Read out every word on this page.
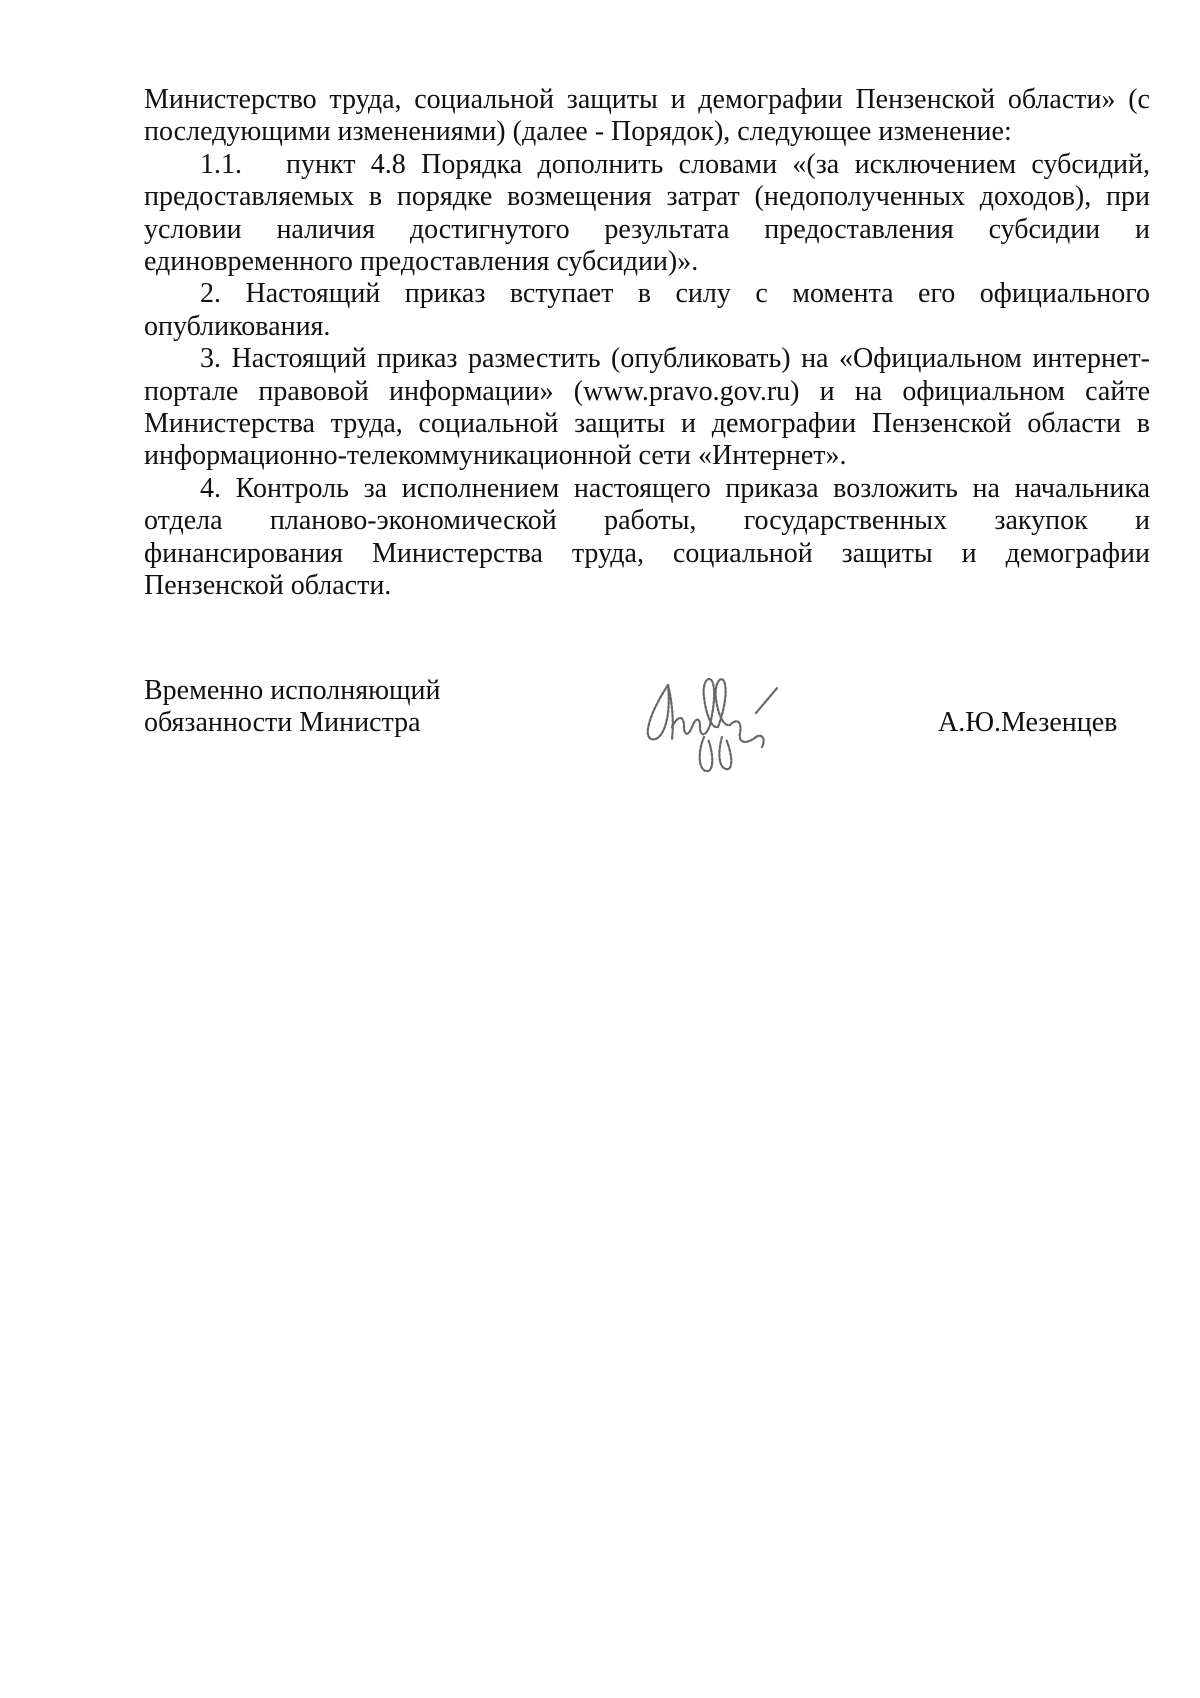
Министерство труда, социальной защиты и демографии Пензенской области» (с последующими изменениями) (далее - Порядок), следующее изменение:

1.1. пункт 4.8 Порядка дополнить словами «(за исключением субсидий, предоставляемых в порядке возмещения затрат (недополученных доходов), при условии наличия достигнутого результата предоставления субсидии и единовременного предоставления субсидии)».

2. Настоящий приказ вступает в силу с момента его официального опубликования.

3. Настоящий приказ разместить (опубликовать) на «Официальном интернет-портале правовой информации» (www.pravo.gov.ru) и на официальном сайте Министерства труда, социальной защиты и демографии Пензенской области в информационно-телекоммуникационной сети «Интернет».

4. Контроль за исполнением настоящего приказа возложить на начальника отдела планово-экономической работы, государственных закупок и финансирования Министерства труда, социальной защиты и демографии Пензенской области.

Временно исполняющий
обязанности Министра	А.Ю.Мезенцев
